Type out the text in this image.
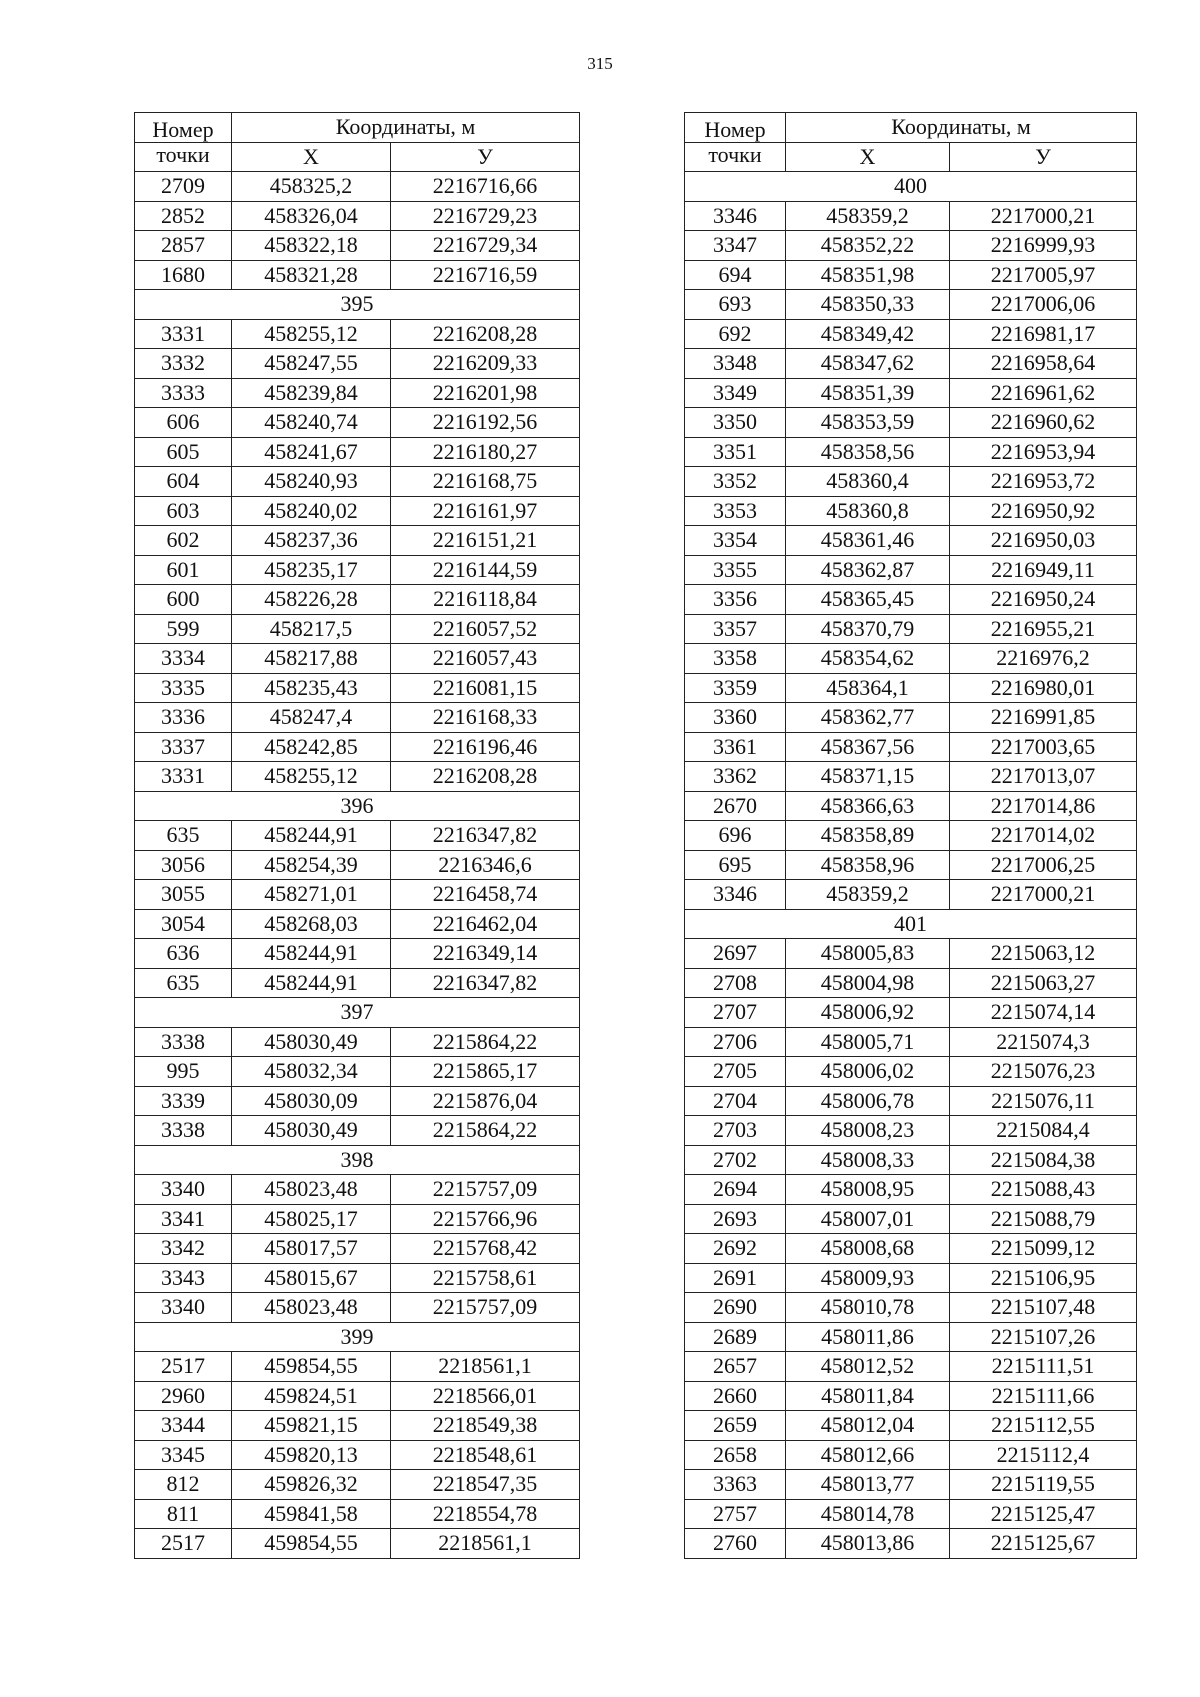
315
Номер	Координаты, м	
точки	Х	У
2709	458325,2	2216716,66
2852	458326,04	2216729,23
2857	458322,18	2216729,34
1680	458321,28	2216716,59
395		
3331	458255,12	2216208,28
3332	458247,55	2216209,33
3333	458239,84	2216201,98
606	458240,74	2216192,56
605	458241,67	2216180,27
604	458240,93	2216168,75
603	458240,02	2216161,97
602	458237,36	2216151,21
601	458235,17	2216144,59
600	458226,28	2216118,84
599	458217,5	2216057,52
3334	458217,88	2216057,43
3335	458235,43	2216081,15
3336	458247,4	2216168,33
3337	458242,85	2216196,46
3331	458255,12	2216208,28
396		
635	458244,91	2216347,82
3056	458254,39	2216346,6
3055	458271,01	2216458,74
3054	458268,03	2216462,04
636	458244,91	2216349,14
635	458244,91	2216347,82
397		
3338	458030,49	2215864,22
995	458032,34	2215865,17
3339	458030,09	2215876,04
3338	458030,49	2215864,22
398		
3340	458023,48	2215757,09
3341	458025,17	2215766,96
3342	458017,57	2215768,42
3343	458015,67	2215758,61
3340	458023,48	2215757,09
399		
2517	459854,55	2218561,1
2960	459824,51	2218566,01
3344	459821,15	2218549,38
3345	459820,13	2218548,61
812	459826,32	2218547,35
811	459841,58	2218554,78
2517	459854,55	2218561,1
Номер	Координаты, м	
точки	Х	У
400		
3346	458359,2	2217000,21
3347	458352,22	2216999,93
694	458351,98	2217005,97
693	458350,33	2217006,06
692	458349,42	2216981,17
3348	458347,62	2216958,64
3349	458351,39	2216961,62
3350	458353,59	2216960,62
3351	458358,56	2216953,94
3352	458360,4	2216953,72
3353	458360,8	2216950,92
3354	458361,46	2216950,03
3355	458362,87	2216949,11
3356	458365,45	2216950,24
3357	458370,79	2216955,21
3358	458354,62	2216976,2
3359	458364,1	2216980,01
3360	458362,77	2216991,85
3361	458367,56	2217003,65
3362	458371,15	2217013,07
2670	458366,63	2217014,86
696	458358,89	2217014,02
695	458358,96	2217006,25
3346	458359,2	2217000,21
401		
2697	458005,83	2215063,12
2708	458004,98	2215063,27
2707	458006,92	2215074,14
2706	458005,71	2215074,3
2705	458006,02	2215076,23
2704	458006,78	2215076,11
2703	458008,23	2215084,4
2702	458008,33	2215084,38
2694	458008,95	2215088,43
2693	458007,01	2215088,79
2692	458008,68	2215099,12
2691	458009,93	2215106,95
2690	458010,78	2215107,48
2689	458011,86	2215107,26
2657	458012,52	2215111,51
2660	458011,84	2215111,66
2659	458012,04	2215112,55
2658	458012,66	2215112,4
3363	458013,77	2215119,55
2757	458014,78	2215125,47
2760	458013,86	2215125,67
